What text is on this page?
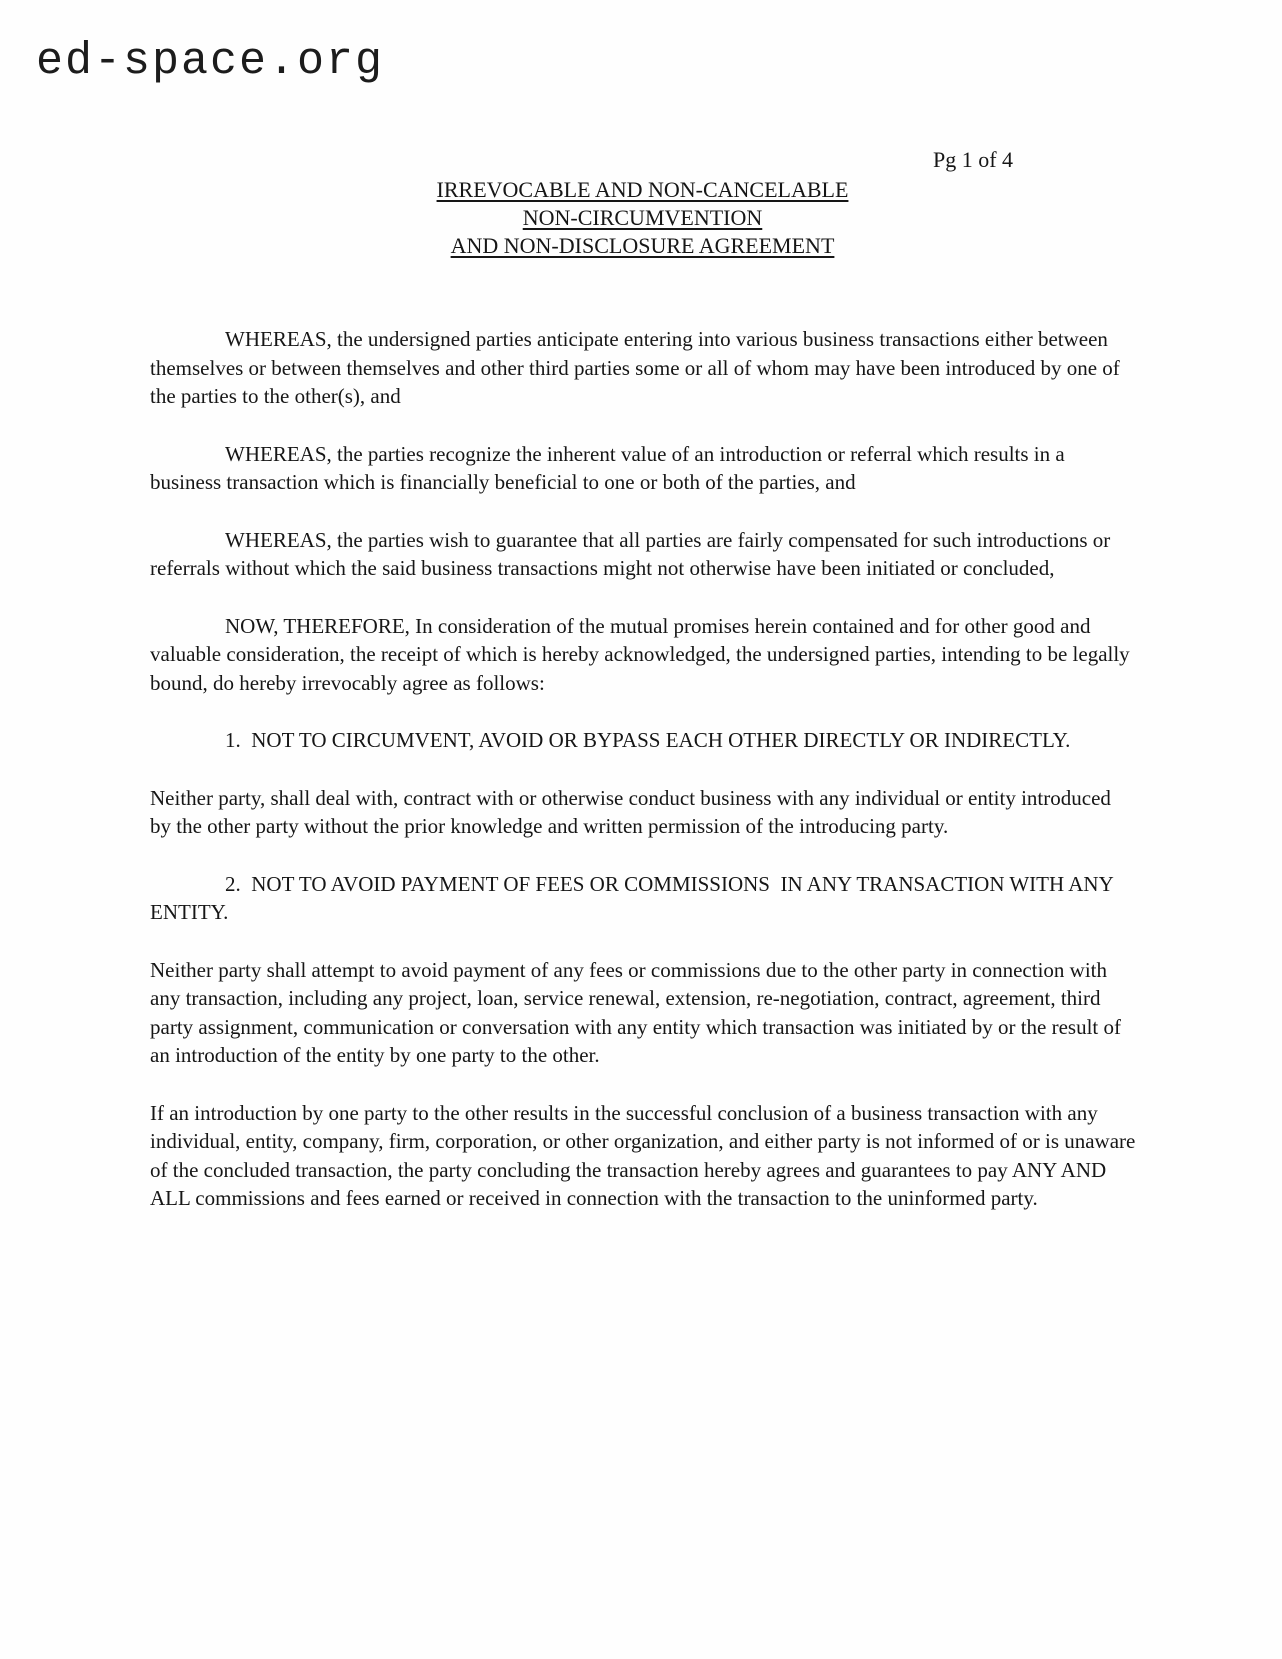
ed-space.org
Pg 1 of 4
IRREVOCABLE AND NON-CANCELABLE
NON-CIRCUMVENTION
AND NON-DISCLOSURE AGREEMENT

WHEREAS, the undersigned parties anticipate entering into various business transactions either between themselves or between themselves and other third parties some or all of whom may have been introduced by one of the parties to the other(s), and

WHEREAS, the parties recognize the inherent value of an introduction or referral which results in a business transaction which is financially beneficial to one or both of the parties, and

WHEREAS, the parties wish to guarantee that all parties are fairly compensated for such introductions or referrals without which the said business transactions might not otherwise have been initiated or concluded,

NOW, THEREFORE, In consideration of the mutual promises herein contained and for other good and valuable consideration, the receipt of which is hereby acknowledged, the undersigned parties, intending to be legally bound, do hereby irrevocably agree as follows:

1.  NOT TO CIRCUMVENT, AVOID OR BYPASS EACH OTHER DIRECTLY OR INDIRECTLY.

Neither party, shall deal with, contract with or otherwise conduct business with any individual or entity introduced by the other party without the prior knowledge and written permission of the introducing party.

2.  NOT TO AVOID PAYMENT OF FEES OR COMMISSIONS  IN ANY TRANSACTION WITH ANY ENTITY.

Neither party shall attempt to avoid payment of any fees or commissions due to the other party in connection with any transaction, including any project, loan, service renewal, extension, re-negotiation, contract, agreement, third party assignment, communication or conversation with any entity which transaction was initiated by or the result of an introduction of the entity by one party to the other.

If an introduction by one party to the other results in the successful conclusion of a business transaction with any individual, entity, company, firm, corporation, or other organization, and either party is not informed of or is unaware of the concluded transaction, the party concluding the transaction hereby agrees and guarantees to pay ANY AND ALL commissions and fees earned or received in connection with the transaction to the uninformed party.
